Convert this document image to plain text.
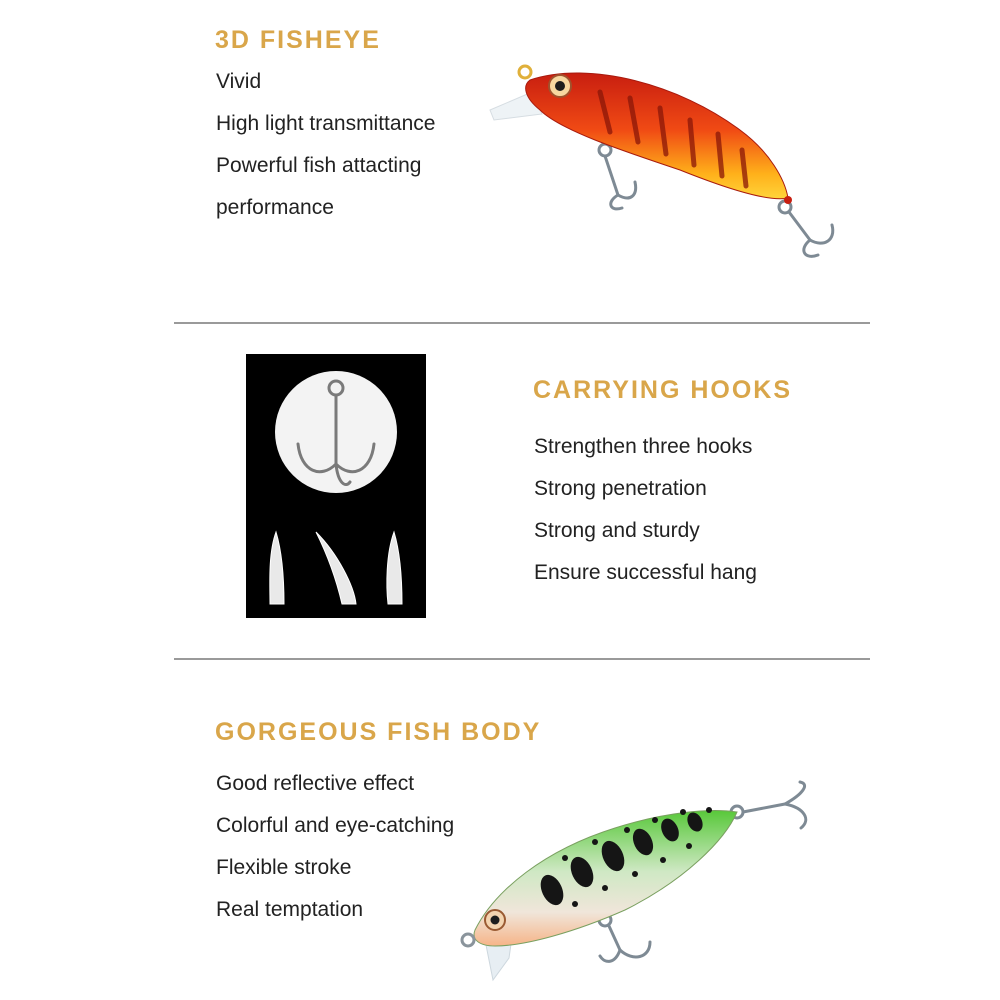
3D FISHEYE
Vivid
High light transmittance
Powerful fish attacting
performance
CARRYING HOOKS
Strengthen three hooks
Strong penetration
Strong and sturdy
Ensure successful hang
GORGEOUS FISH BODY
Good reflective effect
Colorful and eye-catching
Flexible stroke
Real temptation
